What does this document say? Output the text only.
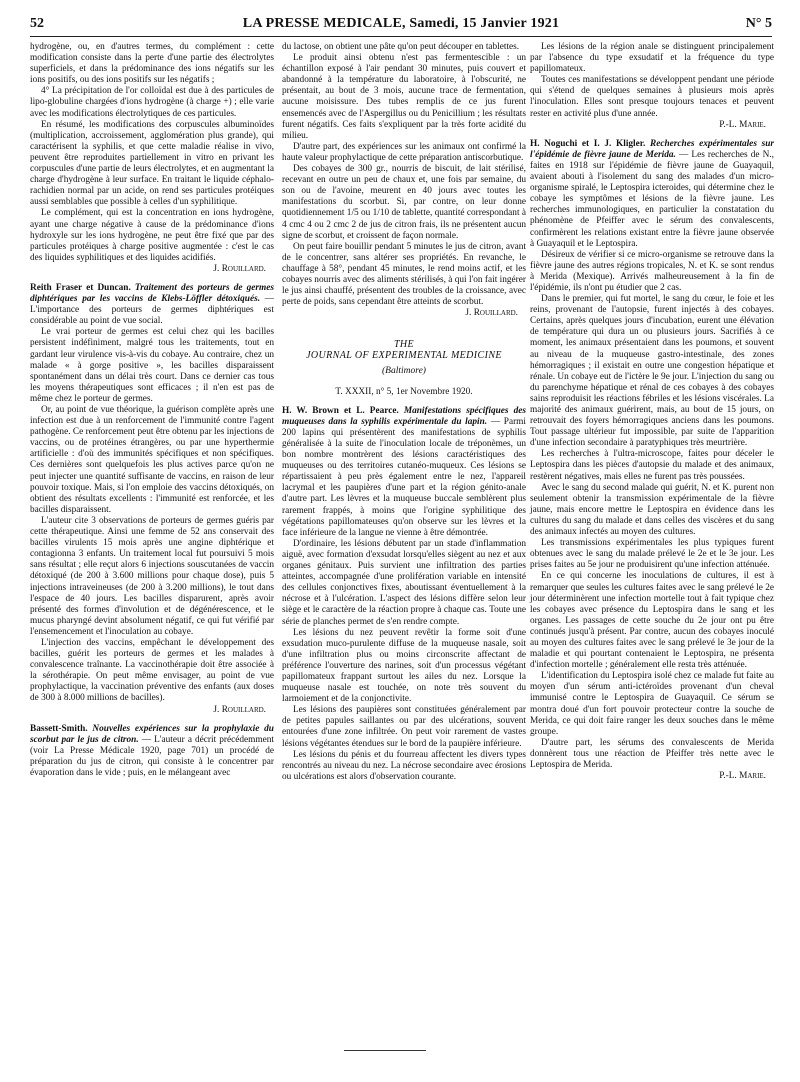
52	LA PRESSE MEDICALE, Samedi, 15 Janvier 1921	N° 5

hydrogène, ou, en d'autres termes, du complément : cette modification consiste dans la perte d'une partie des électrolytes superficiels, et dans la prédominance des ions négatifs sur les ions positifs, ou des ions positifs sur les négatifs ;

4° La précipitation de l'or colloïdal est due à des particules de lipo-globuline chargées d'ions hydrogène (à charge +) ; elle varie avec les modifications électrolytiques de ces particules.

En résumé, les modifications des corpuscules albuminoïdes (multiplication, accroissement, agglomération plus grande), qui caractérisent la syphilis, et que cette maladie réalise in vivo, peuvent être reproduites partiellement in vitro en privant les corpuscules d'une partie de leurs électrolytes, et en augmentant la charge d'hydrogène à leur surface. En traitant le liquide céphalo-rachidien normal par un acide, on rend ses particules protéiques aussi semblables que possible à celles d'un syphilitique.

Le complément, qui est la concentration en ions hydrogène, ayant une charge négative à cause de la prédominance d'ions hydroxyle sur les ions hydrogène, ne peut être fixé que par des particules protéiques à charge positive augmentée : c'est le cas des liquides syphilitiques et des liquides acidifiés.

J. Rouillard.

Reith Fraser et Duncan. Traitement des porteurs de germes diphtériques par les vaccins de Klebs-Löffler détoxiqués. — L'importance des porteurs de germes diphtériques est considérable au point de vue social.

Le vrai porteur de germes est celui chez qui les bacilles persistent indéfiniment, malgré tous les traitements, tout en gardant leur virulence vis-à-vis du cobaye. Au contraire, chez un malade « à gorge positive », les bacilles disparaissent spontanément dans un délai très court. Dans ce dernier cas tous les moyens thérapeutiques sont efficaces ; il n'en est pas de même chez le porteur de germes.

Or, au point de vue théorique, la guérison complète après une infection est due à un renforcement de l'immunité contre l'agent pathogène. Ce renforcement peut être obtenu par les injections de vaccins, ou de protéines étrangères, ou par une hyperthermie artificielle : d'où des immunités spécifiques et non spécifiques. Ces dernières sont quelquefois les plus actives parce qu'on ne peut injecter une quantité suffisante de vaccins, en raison de leur pouvoir toxique. Mais, si l'on emploie des vaccins détoxiqués, on obtient des résultats excellents : l'immunité est renforcée, et les bacilles disparaissent.

L'auteur cite 3 observations de porteurs de germes guéris par cette thérapeutique. Ainsi une femme de 52 ans conservait des bacilles virulents 15 mois après une angine diphtérique et contagionna 3 enfants. Un traitement local fut poursuivi 5 mois sans résultat ; elle reçut alors 6 injections souscutanées de vaccin détoxiqué (de 200 à 3.600 millions pour chaque dose), puis 5 injections intraveineuses (de 200 à 3.200 millions), le tout dans l'espace de 40 jours. Les bacilles disparurent, après avoir présenté des formes d'involution et de dégénérescence, et le mucus pharyngé devint absolument négatif, ce qui fut vérifié par l'ensemencement et l'inoculation au cobaye.

L'injection des vaccins, empêchant le développement des bacilles, guérit les porteurs de germes et les malades à convalescence traînante. La vaccinothérapie doit être associée à la sérothérapie. On peut même envisager, au point de vue prophylactique, la vaccination préventive des enfants (aux doses de 300 à 8.000 millions de bacilles).

J. Rouillard.

Bassett-Smith. Nouvelles expériences sur la prophylaxie du scorbut par le jus de citron. — L'auteur a décrit précédemment (voir La Presse Médicale 1920, page 701) un procédé de préparation du jus de citron, qui consiste à le concentrer par évaporation dans le vide ; puis, en le mélangeant avec

du lactose, on obtient une pâte qu'on peut découper en tablettes.

Le produit ainsi obtenu n'est pas fermentescible : un échantillon exposé à l'air pendant 30 minutes, puis couvert et abandonné à la température du laboratoire, à l'obscurité, ne présentait, au bout de 3 mois, aucune trace de fermentation, aucune moisissure. Des tubes remplis de ce jus furent ensemencés avec de l'Aspergillus ou du Penicillium ; les résultats furent négatifs. Ces faits s'expliquent par la très forte acidité du milieu.

D'autre part, des expériences sur les animaux ont confirmé la haute valeur prophylactique de cette préparation antiscorbutique.

Des cobayes de 300 gr., nourris de biscuit, de lait stérilisé, recevant en outre un peu de chaux et, une fois par semaine, du son ou de l'avoine, meurent en 40 jours avec toutes les manifestations du scorbut. Si, par contre, on leur donne quotidiennement 1/5 ou 1/10 de tablette, quantité correspondant à 4 cmc 4 ou 2 cmc 2 de jus de citron frais, ils ne présentent aucun signe de scorbut, et croissent de façon normale.

On peut faire bouillir pendant 5 minutes le jus de citron, avant de le concentrer, sans altérer ses propriétés. En revanche, le chauffage à 58°, pendant 45 minutes, le rend moins actif, et les cobayes nourris avec des aliments stérilisés, à qui l'on fait ingérer le jus ainsi chauffé, présentent des troubles de la croissance, avec perte de poids, sans cependant être atteints de scorbut.

J. Rouillard.

THE
JOURNAL OF EXPERIMENTAL MEDICINE
(Baltimore)
T. XXXII, n° 5, 1er Novembre 1920.

H. W. Brown et L. Pearce. Manifestations spécifiques des muqueuses dans la syphilis expérimentale du lapin. — Parmi 200 lapins qui présentèrent des manifestations de syphilis généralisée à la suite de l'inoculation locale de tréponèmes, un bon nombre montrèrent des lésions caractéristiques des muqueuses ou des territoires cutanéo-muqueux. Ces lésions se répartissaient à peu près également entre le nez, l'appareil lacrymal et les paupières d'une part et la région génito-anale d'autre part. Les lèvres et la muqueuse buccale semblèrent plus rarement frappés, à moins que l'origine syphilitique des végétations papillomateuses qu'on observe sur les lèvres et la face inférieure de la langue ne vienne à être démontrée.

D'ordinaire, les lésions débutent par un stade d'inflammation aiguë, avec formation d'exsudat lorsqu'elles siègent au nez et aux organes génitaux. Puis survient une infiltration des parties atteintes, accompagnée d'une prolifération variable en intensité des cellules conjonctives fixes, aboutissant éventuellement à la nécrose et à l'ulcération. L'aspect des lésions diffère selon leur siège et le caractère de la réaction propre à chaque cas. Toute une série de planches permet de s'en rendre compte.

Les lésions du nez peuvent revêtir la forme soit d'une exsudation muco-purulente diffuse de la muqueuse nasale, soit d'une infiltration plus ou moins circonscrite affectant de préférence l'ouverture des narines, soit d'un processus végétant papillomateux frappant surtout les ailes du nez. Lorsque la muqueuse nasale est touchée, on note très souvent du larmoiement et de la conjonctivite.

Les lésions des paupières sont constituées généralement par de petites papules saillantes ou par des ulcérations, souvent entourées d'une zone infiltrée. On peut voir rarement de vastes lésions végétantes étendues sur le bord de la paupière inférieure.

Les lésions du pénis et du fourreau affectent les divers types rencontrés au niveau du nez. La nécrose secondaire avec érosions ou ulcérations est alors d'observation courante.

Les lésions de la région anale se distinguent principalement par l'absence du type exsudatif et la fréquence du type papillomateux.

Toutes ces manifestations se développent pendant une période qui s'étend de quelques semaines à plusieurs mois après l'inoculation. Elles sont presque toujours tenaces et peuvent rester en activité plus d'une année.

P.-L. Marie.

H. Noguchi et I. J. Kligler. Recherches expérimentales sur l'épidémie de fièvre jaune de Merida. — Les recherches de N., faites en 1918 sur l'épidémie de fièvre jaune de Guayaquil, avaient abouti à l'isolement du sang des malades d'un micro-organisme spiralé, le Leptospira icteroides, qui détermine chez le cobaye les symptômes et lésions de la fièvre jaune. Les recherches immunologiques, en particulier la constatation du phénomène de Pfeiffer avec le sérum des convalescents, confirmèrent les relations existant entre la fièvre jaune observée à Guayaquil et le Leptospira.

Désireux de vérifier si ce micro-organisme se retrouve dans la fièvre jaune des autres régions tropicales, N. et K. se sont rendus à Merida (Mexique). Arrivés malheureusement à la fin de l'épidémie, ils n'ont pu étudier que 2 cas.

Dans le premier, qui fut mortel, le sang du cœur, le foie et les reins, provenant de l'autopsie, furent injectés à des cobayes. Certains, après quelques jours d'incubation, eurent une élévation de température qui dura un ou plusieurs jours. Sacrifiés à ce moment, les animaux présentaient dans les poumons, et souvent au niveau de la muqueuse gastro-intestinale, des zones hémorragiques ; il existait en outre une congestion hépatique et rénale. Un cobaye eut de l'ictère le 9e jour. L'injection du sang ou du parenchyme hépatique et rénal de ces cobayes à des cobayes sains reproduisit les réactions fébriles et les lésions viscérales. La majorité des animaux guérirent, mais, au bout de 15 jours, on retrouvait des foyers hémorragiques anciens dans les poumons. Tout passage ultérieur fut impossible, par suite de l'apparition d'une infection secondaire à paratyphiques très meurtrière.

Les recherches à l'ultra-microscope, faites pour déceler le Leptospira dans les pièces d'autopsie du malade et des animaux, restèrent négatives, mais elles ne furent pas très poussées.

Avec le sang du second malade qui guérit, N. et K. purent non seulement obtenir la transmission expérimentale de la fièvre jaune, mais encore mettre le Leptospira en évidence dans les cultures du sang du malade et dans celles des viscères et du sang des animaux infectés au moyen des cultures.

Les transmissions expérimentales les plus typiques furent obtenues avec le sang du malade prélevé le 2e et le 3e jour. Les prises faites au 5e jour ne produisirent qu'une infection atténuée.

En ce qui concerne les inoculations de cultures, il est à remarquer que seules les cultures faites avec le sang prélevé le 2e jour déterminèrent une infection mortelle tout à fait typique chez les cobayes avec présence du Leptospira dans le sang et les organes. Les passages de cette souche du 2e jour ont pu être continués jusqu'à présent. Par contre, aucun des cobayes inoculé au moyen des cultures faites avec le sang prélevé le 3e jour de la maladie et qui pourtant contenaient le Leptospira, ne présenta d'infection mortelle ; généralement elle resta très atténuée.

L'identification du Leptospira isolé chez ce malade fut faite au moyen d'un sérum anti-ictéroïdes provenant d'un cheval immunisé contre le Leptospira de Guayaquil. Ce sérum se montra doué d'un fort pouvoir protecteur contre la souche de Merida, ce qui doit faire ranger les deux souches dans le même groupe.

D'autre part, les sérums des convalescents de Merida donnèrent tous une réaction de Pfeiffer très nette avec le Leptospira de Merida.

P.-L. Marie.
